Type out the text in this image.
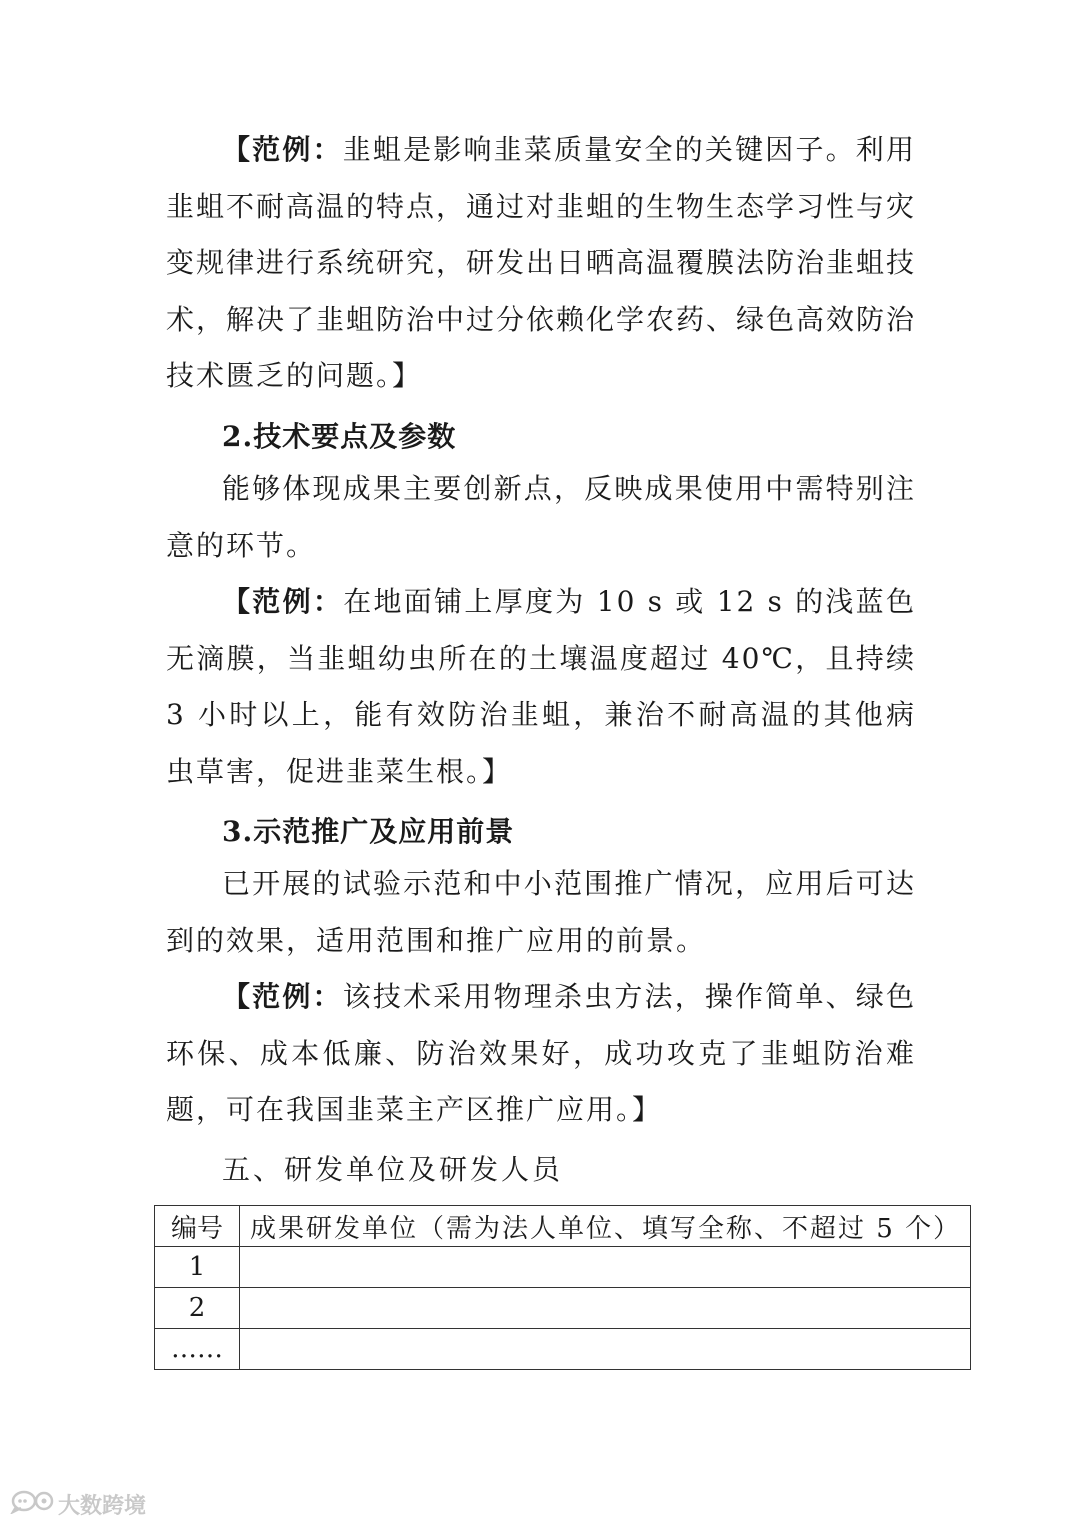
【范例：韭蛆是影响韭菜质量安全的关键因子。利用韭蛆不耐高温的特点，通过对韭蛆的生物生态学习性与灾变规律进行系统研究，研发出日晒高温覆膜法防治韭蛆技术，解决了韭蛆防治中过分依赖化学农药、绿色高效防治技术匮乏的问题。】

2.技术要点及参数

能够体现成果主要创新点，反映成果使用中需特别注意的环节。

【范例：在地面铺上厚度为 10 s 或 12 s 的浅蓝色无滴膜，当韭蛆幼虫所在的土壤温度超过 40℃，且持续 3 小时以上，能有效防治韭蛆，兼治不耐高温的其他病虫草害，促进韭菜生根。】

3.示范推广及应用前景

已开展的试验示范和中小范围推广情况，应用后可达到的效果，适用范围和推广应用的前景。

【范例：该技术采用物理杀虫方法，操作简单、绿色环保、成本低廉、防治效果好，成功攻克了韭蛆防治难题，可在我国韭菜主产区推广应用。】

五、研发单位及研发人员
编号	成果研发单位（需为法人单位、填写全称、不超过 5 个）
1	
2	
……	
大数跨境
